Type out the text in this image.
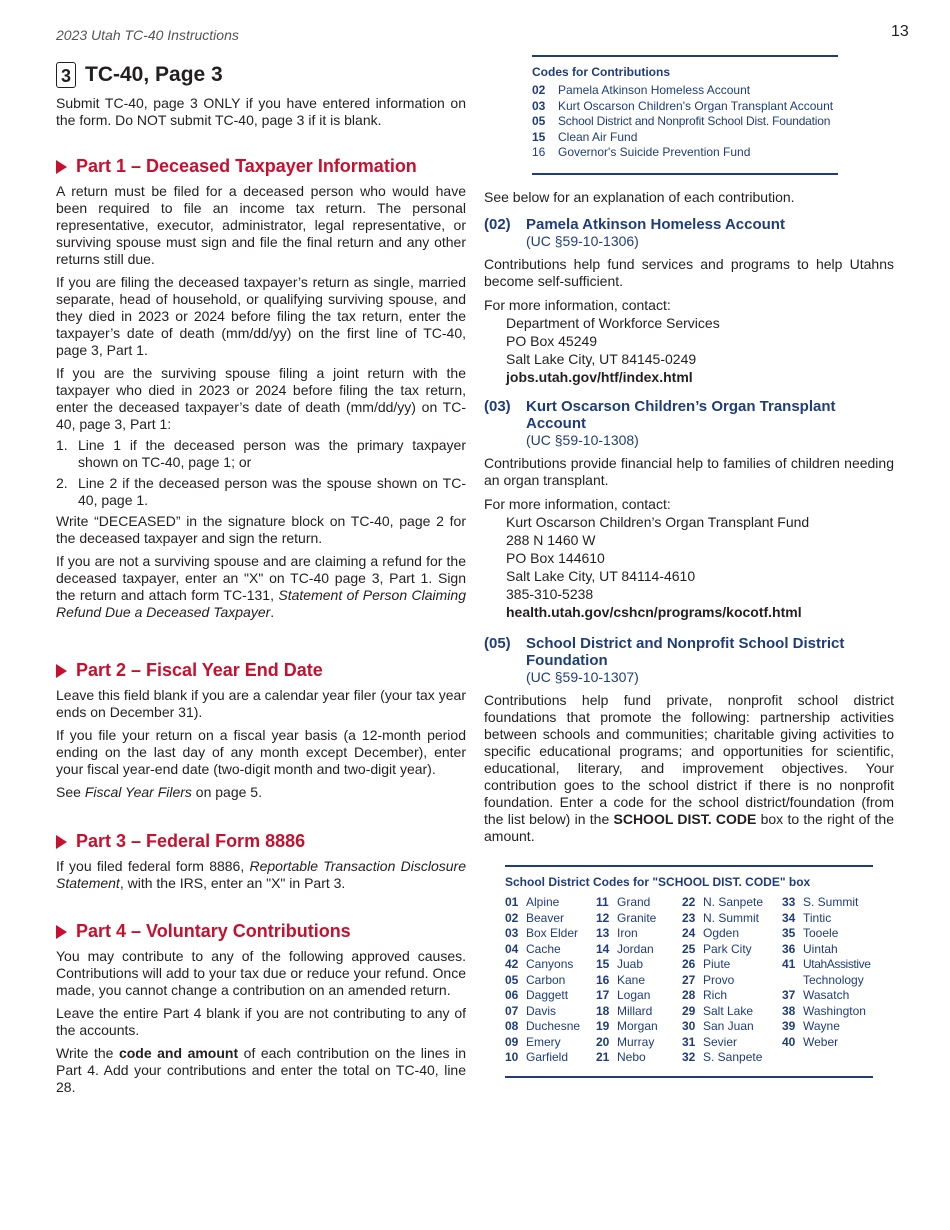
2023 Utah TC-40 Instructions	13
3 TC-40, Page 3

Submit TC-40, page 3 ONLY if you have entered information on the form. Do NOT submit TC-40, page 3 if it is blank.

Part 1 – Deceased Taxpayer Information

A return must be filed for a deceased person who would have been required to file an income tax return. The personal representative, executor, administrator, legal representative, or surviving spouse must sign and file the final return and any other returns still due.

If you are filing the deceased taxpayer’s return as single, married separate, head of household, or qualifying surviving spouse, and they died in 2023 or 2024 before filing the tax return, enter the taxpayer’s date of death (mm/dd/yy) on the first line of TC-40, page 3, Part 1.

If you are the surviving spouse filing a joint return with the taxpayer who died in 2023 or 2024 before filing the tax return, enter the deceased taxpayer’s date of death (mm/dd/yy) on TC-40, page 3, Part 1:

1. Line 1 if the deceased person was the primary taxpayer shown on TC-40, page 1; or
2. Line 2 if the deceased person was the spouse shown on TC-40, page 1.

Write “DECEASED” in the signature block on TC-40, page 2 for the deceased taxpayer and sign the return.

If you are not a surviving spouse and are claiming a refund for the deceased taxpayer, enter an "X" on TC-40 page 3, Part 1. Sign the return and attach form TC-131, Statement of Person Claiming Refund Due a Deceased Taxpayer.

Part 2 – Fiscal Year End Date

Leave this field blank if you are a calendar year filer (your tax year ends on December 31).

If you file your return on a fiscal year basis (a 12-month period ending on the last day of any month except December), enter your fiscal year-end date (two-digit month and two-digit year).

See Fiscal Year Filers on page 5.

Part 3 – Federal Form 8886

If you filed federal form 8886, Reportable Transaction Disclosure Statement, with the IRS, enter an "X" in Part 3.

Part 4 – Voluntary Contributions

You may contribute to any of the following approved causes. Contributions will add to your tax due or reduce your refund. Once made, you cannot change a contribution on an amended return.

Leave the entire Part 4 blank if you are not contributing to any of the accounts.

Write the code and amount of each contribution on the lines in Part 4. Add your contributions and enter the total on TC-40, line 28.

Codes for Contributions
02	Pamela Atkinson Homeless Account
03	Kurt Oscarson Children's Organ Transplant Account
05	School District and Nonprofit School Dist. Foundation
15	Clean Air Fund
16	Governor's Suicide Prevention Fund

See below for an explanation of each contribution.

(02)	Pamela Atkinson Homeless Account
(UC §59-10-1306)

Contributions help fund services and programs to help Utahns become self-sufficient.

For more information, contact:

Department of Workforce Services
PO Box 45249
Salt Lake City, UT 84145-0249
jobs.utah.gov/htf/index.html
(03)	Kurt Oscarson Children’s Organ Transplant Account
(UC §59-10-1308)

Contributions provide financial help to families of children needing an organ transplant.

For more information, contact:

Kurt Oscarson Children’s Organ Transplant Fund
288 N 1460 W
PO Box 144610
Salt Lake City, UT 84114-4610
385-310-5238
health.utah.gov/cshcn/programs/kocotf.html
(05)	School District and Nonprofit School District Foundation
(UC §59-10-1307)

Contributions help fund private, nonprofit school district foundations that promote the following: partnership activities between schools and communities; charitable giving activities to specific educational programs; and opportunities for scientific, educational, literary, and improvement objectives. Your contribution goes to the school district if there is no nonprofit foundation. Enter a code for the school district/foundation (from the list below) in the SCHOOL DIST. CODE box to the right of the amount.

School District Codes for "SCHOOL DIST. CODE" box
01 Alpine
02 Beaver
03 Box Elder
04 Cache
42 Canyons
05 Carbon
06 Daggett
07 Davis
08 Duchesne
09 Emery
10 Garfield
11 Grand
12 Granite
13 Iron
14 Jordan
15 Juab
16 Kane
17 Logan
18 Millard
19 Morgan
20 Murray
21 Nebo
22 N. Sanpete
23 N. Summit
24 Ogden
25 Park City
26 Piute
27 Provo
28 Rich
29 Salt Lake
30 San Juan
31 Sevier
32 S. Sanpete
33 S. Summit
34 Tintic
35 Tooele
36 Uintah
41 UtahAssistive
Technology
37 Wasatch
38 Washington
39 Wayne
40 Weber
